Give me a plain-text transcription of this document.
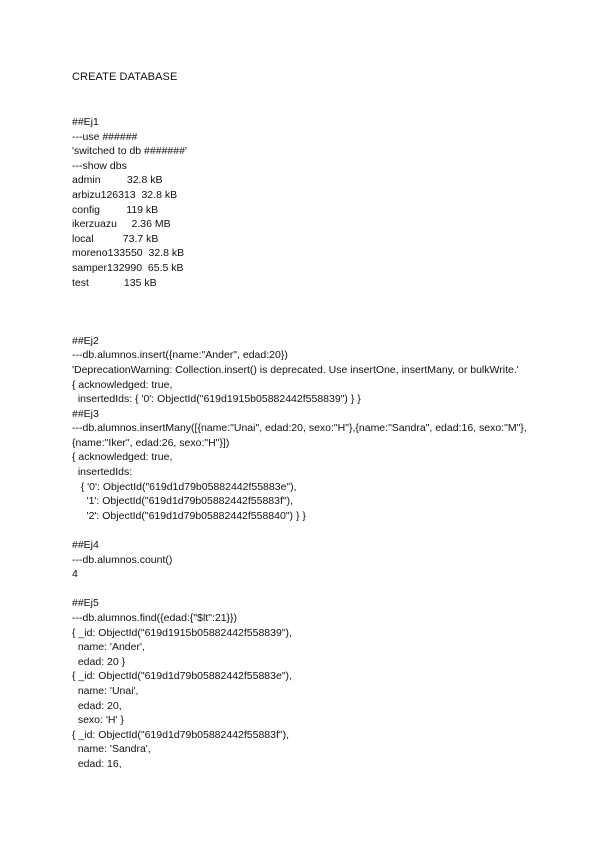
CREATE DATABASE
##Ej1
---use ######
'switched to db #######'
---show dbs
admin         32.8 kB
arbizu126313  32.8 kB
config         119 kB
ikerzuazu     2.36 MB
local          73.7 kB
moreno133550  32.8 kB
samper132990  65.5 kB
test            135 kB
##Ej2
---db.alumnos.insert({name:"Ander", edad:20})
'DeprecationWarning: Collection.insert() is deprecated. Use insertOne, insertMany, or bulkWrite.'
{ acknowledged: true,
insertedIds: { '0': ObjectId("619d1915b05882442f558839") } }
##Ej3
---db.alumnos.insertMany([{name:"Unai", edad:20, sexo:"H"},{name:"Sandra", edad:16, sexo:"M"},{name:"Iker", edad:26, sexo:"H"}])
{ acknowledged: true,
insertedIds:
{ '0': ObjectId("619d1d79b05882442f55883e"),
'1': ObjectId("619d1d79b05882442f55883f"),
'2': ObjectId("619d1d79b05882442f558840") } }
##Ej4
---db.alumnos.count()
4
##Ej5
---db.alumnos.find({edad:{"$lt":21}})
{ _id: ObjectId("619d1915b05882442f558839"),
name: 'Ander',
edad: 20 }
{ _id: ObjectId("619d1d79b05882442f55883e"),
name: 'Unai',
edad: 20,
sexo: 'H' }
{ _id: ObjectId("619d1d79b05882442f55883f"),
name: 'Sandra',
edad: 16,
